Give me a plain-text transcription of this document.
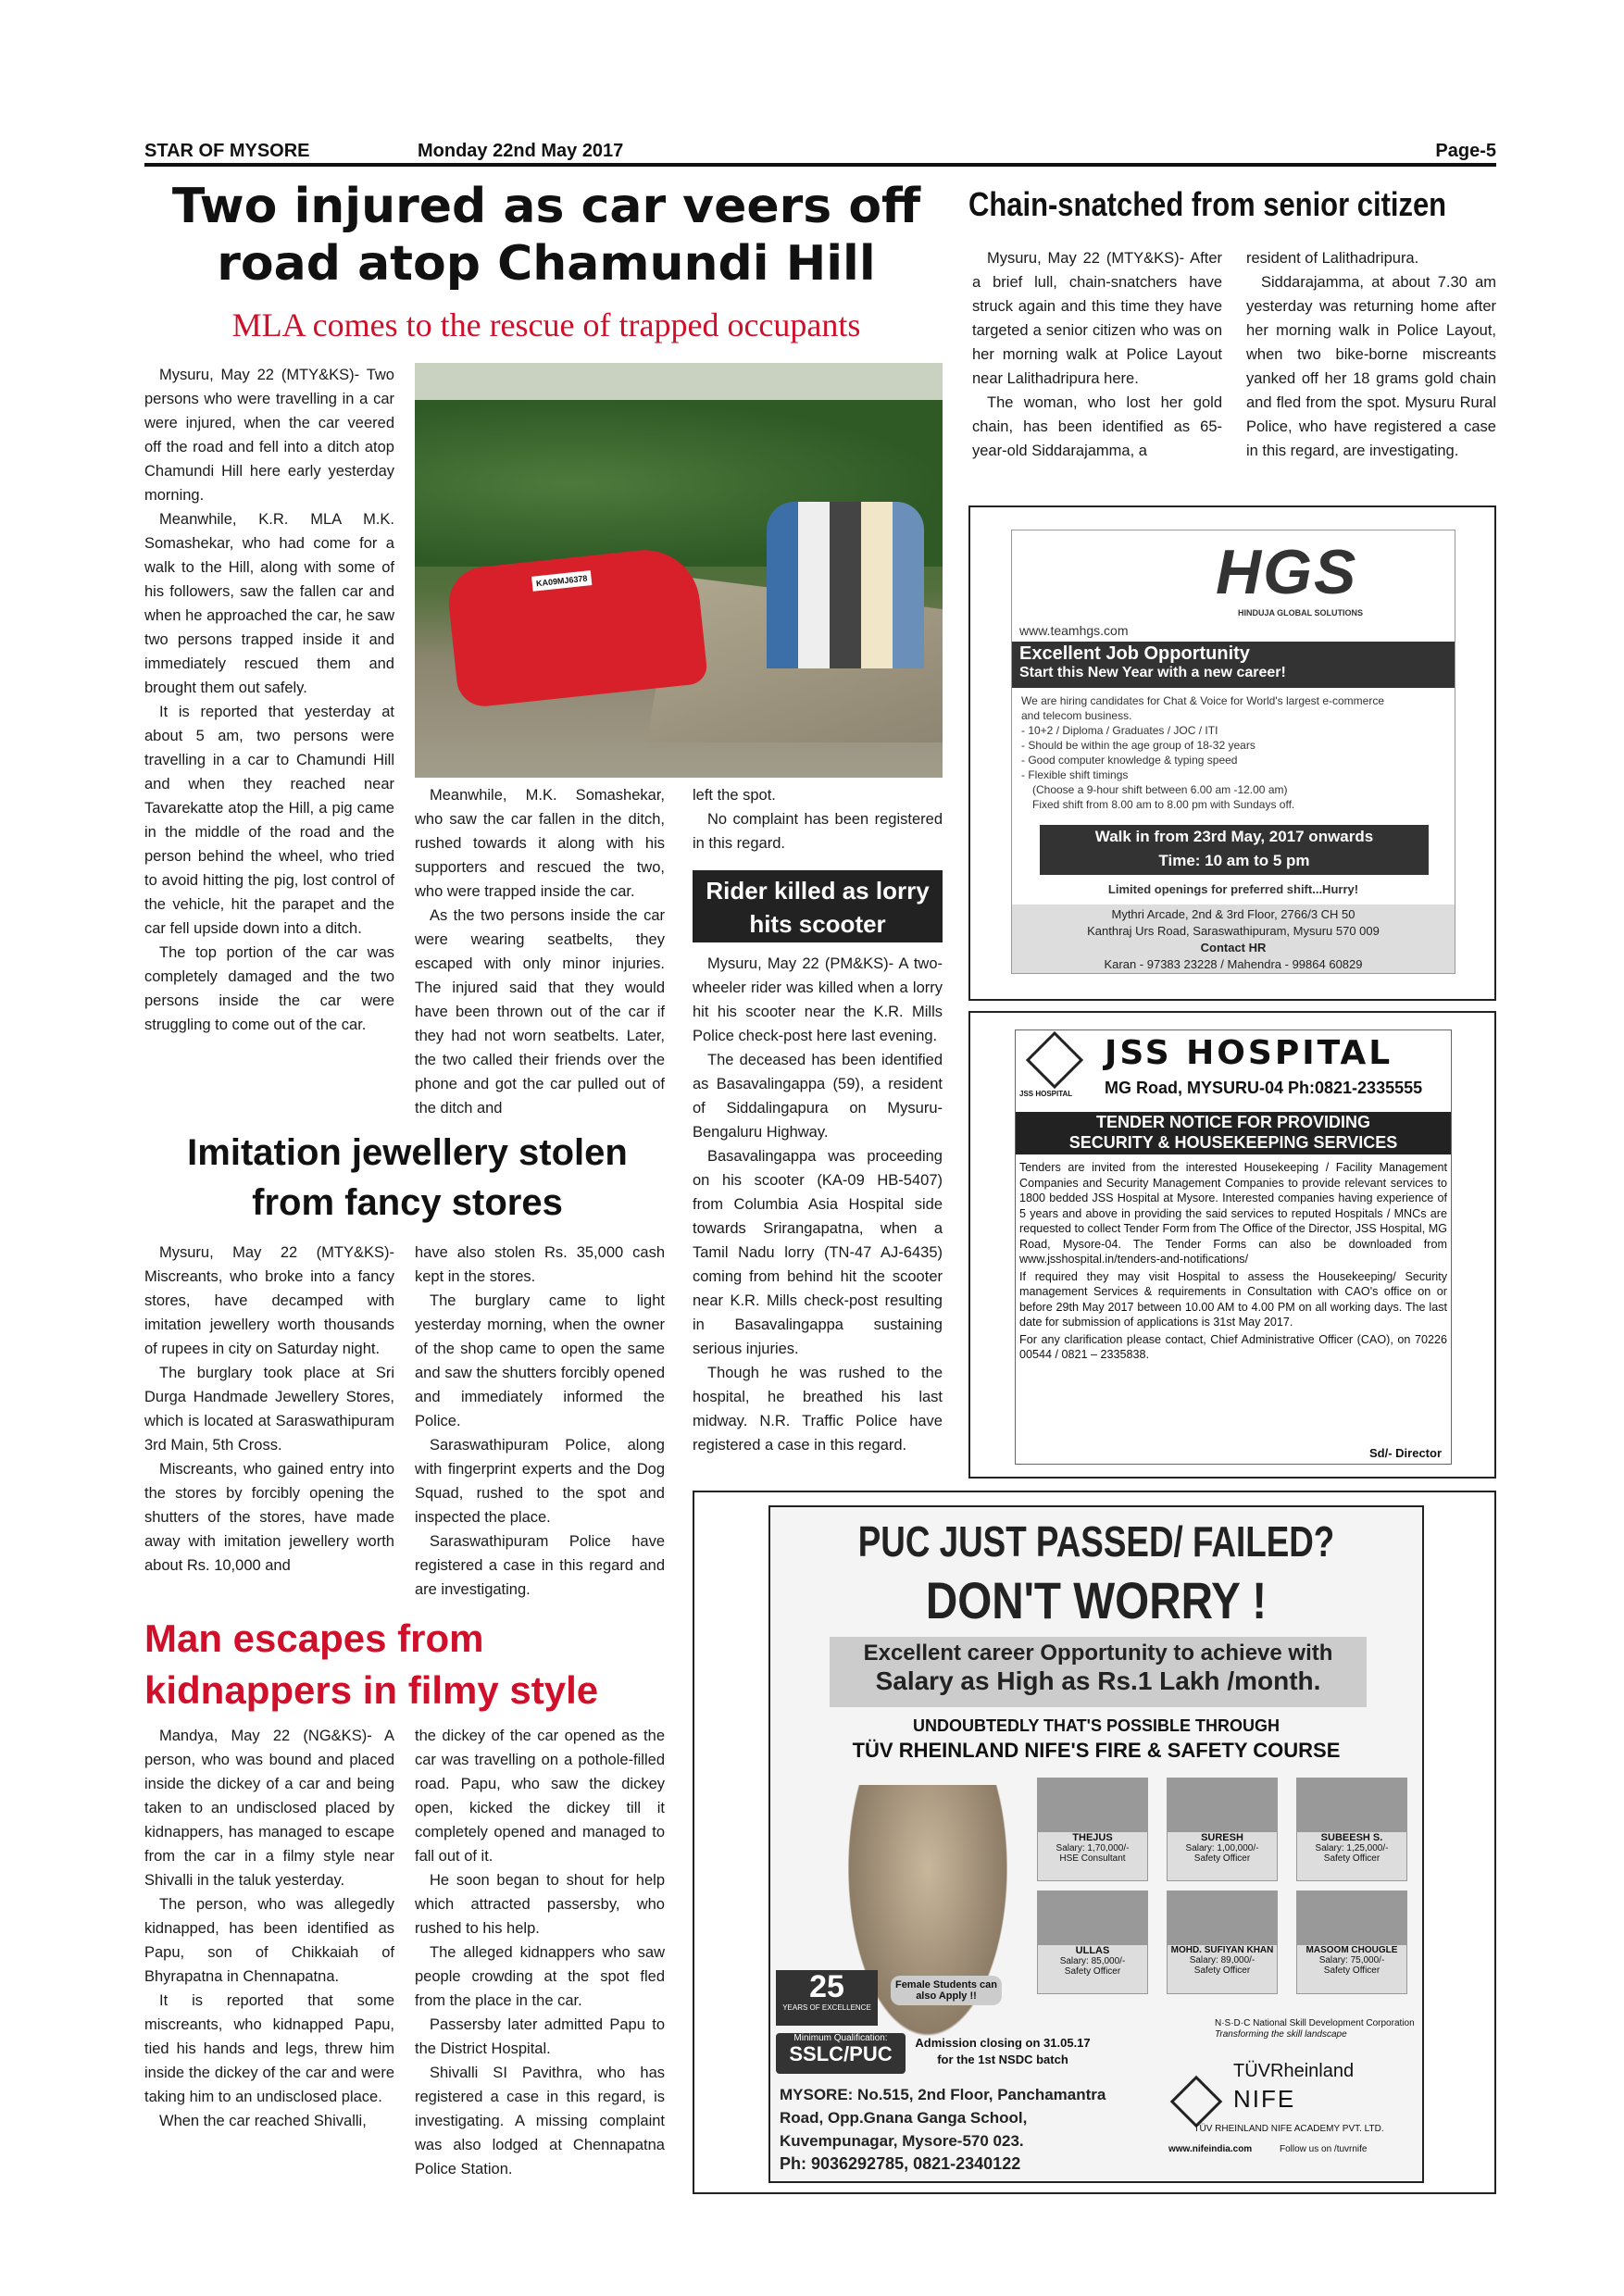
STAR OF MYSORE	Monday 22nd May 2017	Page-5
Two injured as car veers off
road atop Chamundi Hill
MLA comes to the rescue of trapped occupants

Mysuru, May 22 (MTY&KS)- Two persons who were travelling in a car were injured, when the car veered off the road and fell into a ditch atop Chamundi Hill here early yesterday morning.

Meanwhile, K.R. MLA M.K. Somashekar, who had come for a walk to the Hill, along with some of his followers, saw the fallen car and when he approached the car, he saw two persons trapped inside it and immediately rescued them and brought them out safely.

It is reported that yesterday at about 5 am, two persons were travelling in a car to Chamundi Hill and when they reached near Tavarekatte atop the Hill, a pig came in the middle of the road and the person behind the wheel, who tried to avoid hitting the pig, lost control of the vehicle, hit the parapet and the car fell upside down into a ditch.

The top portion of the car was completely damaged and the two persons inside the car were struggling to come out of the car.

KA09MJ6378

Meanwhile, M.K. Somashekar, who saw the car fallen in the ditch, rushed towards it along with his supporters and rescued the two, who were trapped inside the car.

As the two persons inside the car were wearing seatbelts, they escaped with only minor injuries. The injured said that they would have been thrown out of the car if they had not worn seatbelts. Later, the two called their friends over the phone and got the car pulled out of the ditch and

left the spot.

No complaint has been registered in this regard.

Rider killed as lorry
hits scooter

Mysuru, May 22 (PM&KS)- A two-wheeler rider was killed when a lorry hit his scooter near the K.R. Mills Police check-post here last evening.

The deceased has been identified as Basavalingappa (59), a resident of Siddalingapura on Mysuru-Bengaluru Highway.

Basavalingappa was proceeding on his scooter (KA-09 HB-5407) from Columbia Asia Hospital side towards Srirangapatna, when a Tamil Nadu lorry (TN-47 AJ-6435) coming from behind hit the scooter near K.R. Mills check-post resulting in Basavalingappa sustaining serious injuries.

Though he was rushed to the hospital, he breathed his last midway. N.R. Traffic Police have registered a case in this regard.

Imitation jewellery stolen
from fancy stores

Mysuru, May 22 (MTY&KS)- Miscreants, who broke into a fancy stores, have decamped with imitation jewellery worth thousands of rupees in city on Saturday night.

The burglary took place at Sri Durga Handmade Jewellery Stores, which is located at Saraswathipuram 3rd Main, 5th Cross.

Miscreants, who gained entry into the stores by forcibly opening the shutters of the stores, have made away with imitation jewellery worth about Rs. 10,000 and

have also stolen Rs. 35,000 cash kept in the stores.

The burglary came to light yesterday morning, when the owner of the shop came to open the same and saw the shutters forcibly opened and immediately informed the Police.

Saraswathipuram Police, along with fingerprint experts and the Dog Squad, rushed to the spot and inspected the place.

Saraswathipuram Police have registered a case in this regard and are investigating.

Man escapes from
kidnappers in filmy style

Mandya, May 22 (NG&KS)- A person, who was bound and placed inside the dickey of a car and being taken to an undisclosed placed by kidnappers, has managed to escape from the car in a filmy style near Shivalli in the taluk yesterday.

The person, who was allegedly kidnapped, has been identified as Papu, son of Chikkaiah of Bhyrapatna in Chennapatna.

It is reported that some miscreants, who kidnapped Papu, tied his hands and legs, threw him inside the dickey of the car and were taking him to an undisclosed place.

When the car reached Shivalli,

the dickey of the car opened as the car was travelling on a pothole-filled road. Papu, who saw the dickey open, kicked the dickey till it completely opened and managed to fall out of it.

He soon began to shout for help which attracted passersby, who rushed to his help.

The alleged kidnappers who saw people crowding at the spot fled from the place in the car.

Passersby later admitted Papu to the District Hospital.

Shivalli SI Pavithra, who has registered a case in this regard, is investigating. A missing complaint was also lodged at Chennapatna Police Station.

Chain-snatched from senior citizen

Mysuru, May 22 (MTY&KS)- After a brief lull, chain-snatchers have struck again and this time they have targeted a senior citizen who was on her morning walk at Police Layout near Lalithadripura here.

The woman, who lost her gold chain, has been identified as 65-year-old Siddarajamma, a

resident of Lalithadripura.

Siddarajamma, at about 7.30 am yesterday was returning home after her morning walk in Police Layout, when two bike-borne miscreants yanked off her 18 grams gold chain and fled from the spot. Mysuru Rural Police, who have registered a case in this regard, are investigating.

HGS
HINDUJA GLOBAL SOLUTIONS
www.teamhgs.com
Excellent Job Opportunity
Start this New Year with a new career!
We are hiring candidates for Chat & Voice for World's largest e-commerce
and telecom business.
- 10+2 / Diploma / Graduates / JOC / ITI
- Should be within the age group of 18-32 years
- Good computer knowledge & typing speed
- Flexible shift timings
(Choose a 9-hour shift between 6.00 am -12.00 am)
Fixed shift from 8.00 am to 8.00 pm with Sundays off.
Walk in from 23rd May, 2017 onwards
Time: 10 am to 5 pm
Limited openings for preferred shift...Hurry!
Mythri Arcade, 2nd & 3rd Floor, 2766/3 CH 50
Kanthraj Urs Road, Saraswathipuram, Mysuru 570 009
Contact HR
Karan - 97383 23228 / Mahendra - 99864 60829
JSS HOSPITAL
JSS HOSPITAL
MG Road, MYSURU-04 Ph:0821-2335555
TENDER NOTICE FOR PROVIDING
SECURITY & HOUSEKEEPING SERVICES
Tenders are invited from the interested Housekeeping / Facility Management Companies and Security Management Companies to provide relevant services to 1800 bedded JSS Hospital at Mysore. Interested companies having experience of 5 years and above in providing the said services to reputed Hospitals / MNCs are requested to collect Tender Form from The Office of the Director, JSS Hospital, MG Road, Mysore-04. The Tender Forms can also be downloaded from www.jsshospital.in/tenders-and-notifications/
If required they may visit Hospital to assess the Housekeeping/ Security management Services & requirements in Consultation with CAO's office on or before 29th May 2017 between 10.00 AM to 4.00 PM on all working days. The last date for submission of applications is 31st May 2017.
For any clarification please contact, Chief Administrative Officer (CAO), on 70226 00544 / 0821 – 2335838.
Sd/- Director
PUC JUST PASSED/ FAILED?
DON'T WORRY !
Excellent career Opportunity to achieve with
Salary as High as Rs.1 Lakh /month.
UNDOUBTEDLY THAT'S POSSIBLE THROUGH
TÜV RHEINLAND NIFE'S FIRE & SAFETY COURSE
THEJUS
Salary: 1,70,000/-
HSE Consultant
SURESH
Salary: 1,00,000/-
Safety Officer
SUBEESH S.
Salary: 1,25,000/-
Safety Officer
ULLAS
Salary: 85,000/-
Safety Officer
MOHD. SUFIYAN KHAN
Salary: 89,000/-
Safety Officer
MASOOM CHOUGLE
Salary: 75,000/-
Safety Officer
25
YEARS OF EXCELLENCE
Female Students can also Apply !!
Minimum Qualification:
SSLC/PUC	Admission closing on 31.05.17
for the 1st NSDC batch
MYSORE: No.515, 2nd Floor, Panchamantra
Road, Opp.Gnana Ganga School,
Kuvempunagar, Mysore-570 023.
Ph: 9036292785, 0821-2340122
N·S·D·C National Skill Development Corporation
Transforming the skill landscape
TÜVRheinland
NIFE
TÜV RHEINLAND NIFE ACADEMY PVT. LTD.
www.nifeindia.com	Follow us on /tuvrnife
